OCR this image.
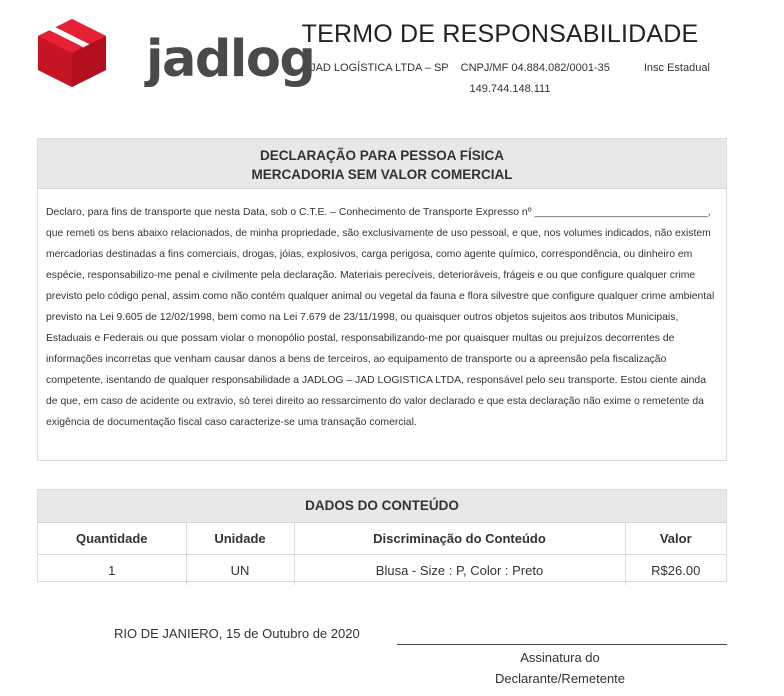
jadlog
TERMO DE RESPONSABILIDADE
JAD LOGÍSTICA LTDA – SP CNPJ/MF 04.884.082/0001-35	Insc Estadual
149.744.148.111
DECLARAÇÃO PARA PESSOA FÍSICA
MERCADORIA SEM VALOR COMERCIAL
Declaro, para fins de transporte que nesta Data, sob o C.T.E. – Conhecimento de Transporte Expresso nº ______________________________, que remeti os bens abaixo relacionados, de minha propriedade, são exclusivamente de uso pessoal, e que, nos volumes indicados, não existem mercadorias destinadas a fins comerciais, drogas, jóias, explosivos, carga perigosa, como agente químico, correspondência, ou dinheiro em espécie, responsabilizo-me penal e civilmente pela declaração. Materiais perecíveis, deterioráveis, frágeis e ou que configure qualquer crime previsto pelo código penal, assim como não contém qualquer animal ou vegetal da fauna e flora silvestre que configure qualquer crime ambiental previsto na Lei 9.605 de 12/02/1998, bem como na Lei 7.679 de 23/11/1998, ou quaisquer outros objetos sujeitos aos tributos Municipais, Estaduais e Federais ou que possam violar o monopólio postal, responsabilizando-me por quaisquer multas ou prejuízos decorrentes de informações incorretas que venham causar danos a bens de terceiros, ao equipamento de transporte ou a apreensão pela fiscalização competente, isentando de qualquer responsabilidade a JADLOG – JAD LOGISTICA LTDA, responsável pelo seu transporte. Estou ciente ainda de que, em caso de acidente ou extravio, só terei direito ao ressarcimento do valor declarado e que esta declaração não exime o remetente da exigência de documentação fiscal caso caracterize-se uma transação comercial.
DADOS DO CONTEÚDO
Quantidade	Unidade	Discriminação do Conteúdo	Valor
1	UN	Blusa - Size : P, Color : Preto	R$26.00
RIO DE JANIERO, 15 de Outubro de 2020
Assinatura do
Declarante/Remetente
